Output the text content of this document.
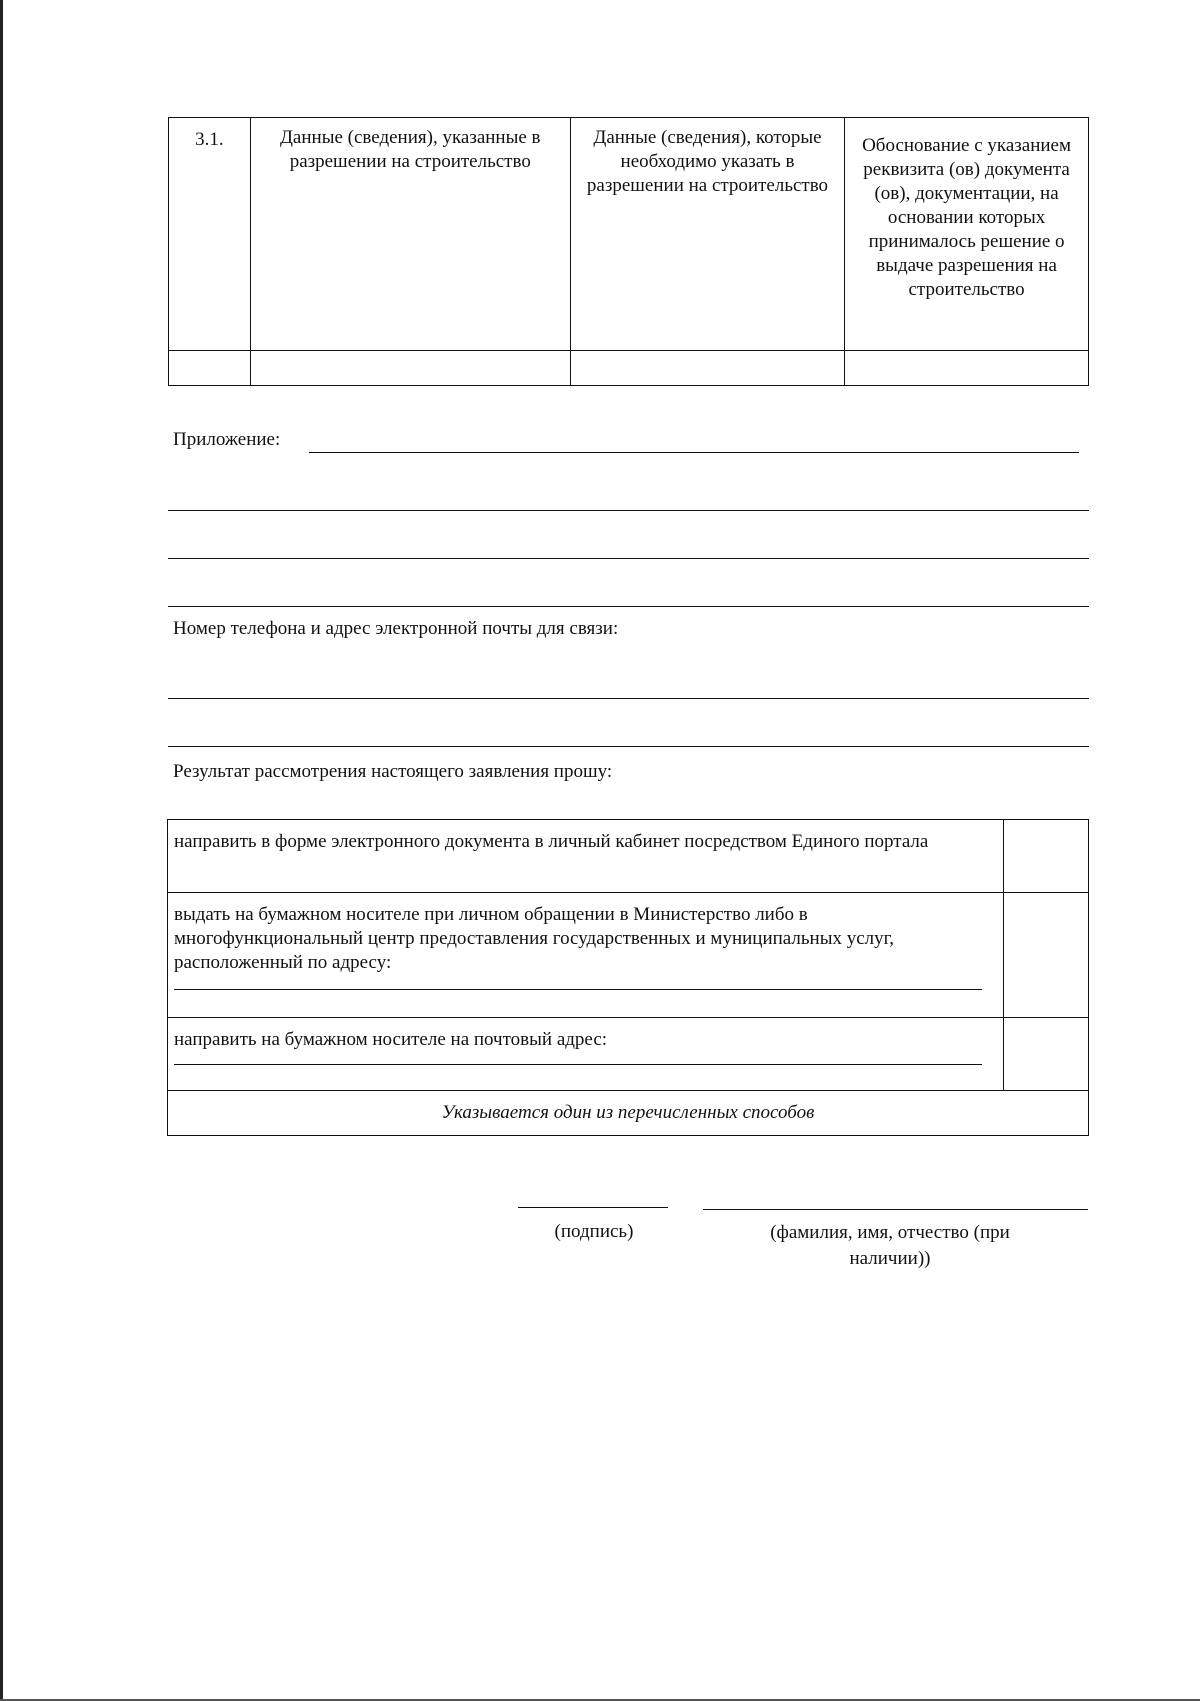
3.1.	Данные (сведения), указанные в разрешении на строительство	Данные (сведения), которые необходимо указать в разрешении на строительство	Обоснование с указанием реквизита (ов) документа (ов), документации, на основании которых принималось решение о выдаче разрешения на строительство

Приложение:
Номер телефона и адрес электронной почты для связи:
Результат рассмотрения настоящего заявления прошу:
направить в форме электронного документа в личный кабинет посредством Единого портала	
выдать на бумажном носителе при личном обращении в Министерство либо в многофункциональный центр предоставления государственных и муниципальных услуг, расположенный по адресу:

направить на бумажном носителе на почтовый адрес:

Указывается один из перечисленных способов	
(подпись)	(фамилия, имя, отчество (при наличии))
